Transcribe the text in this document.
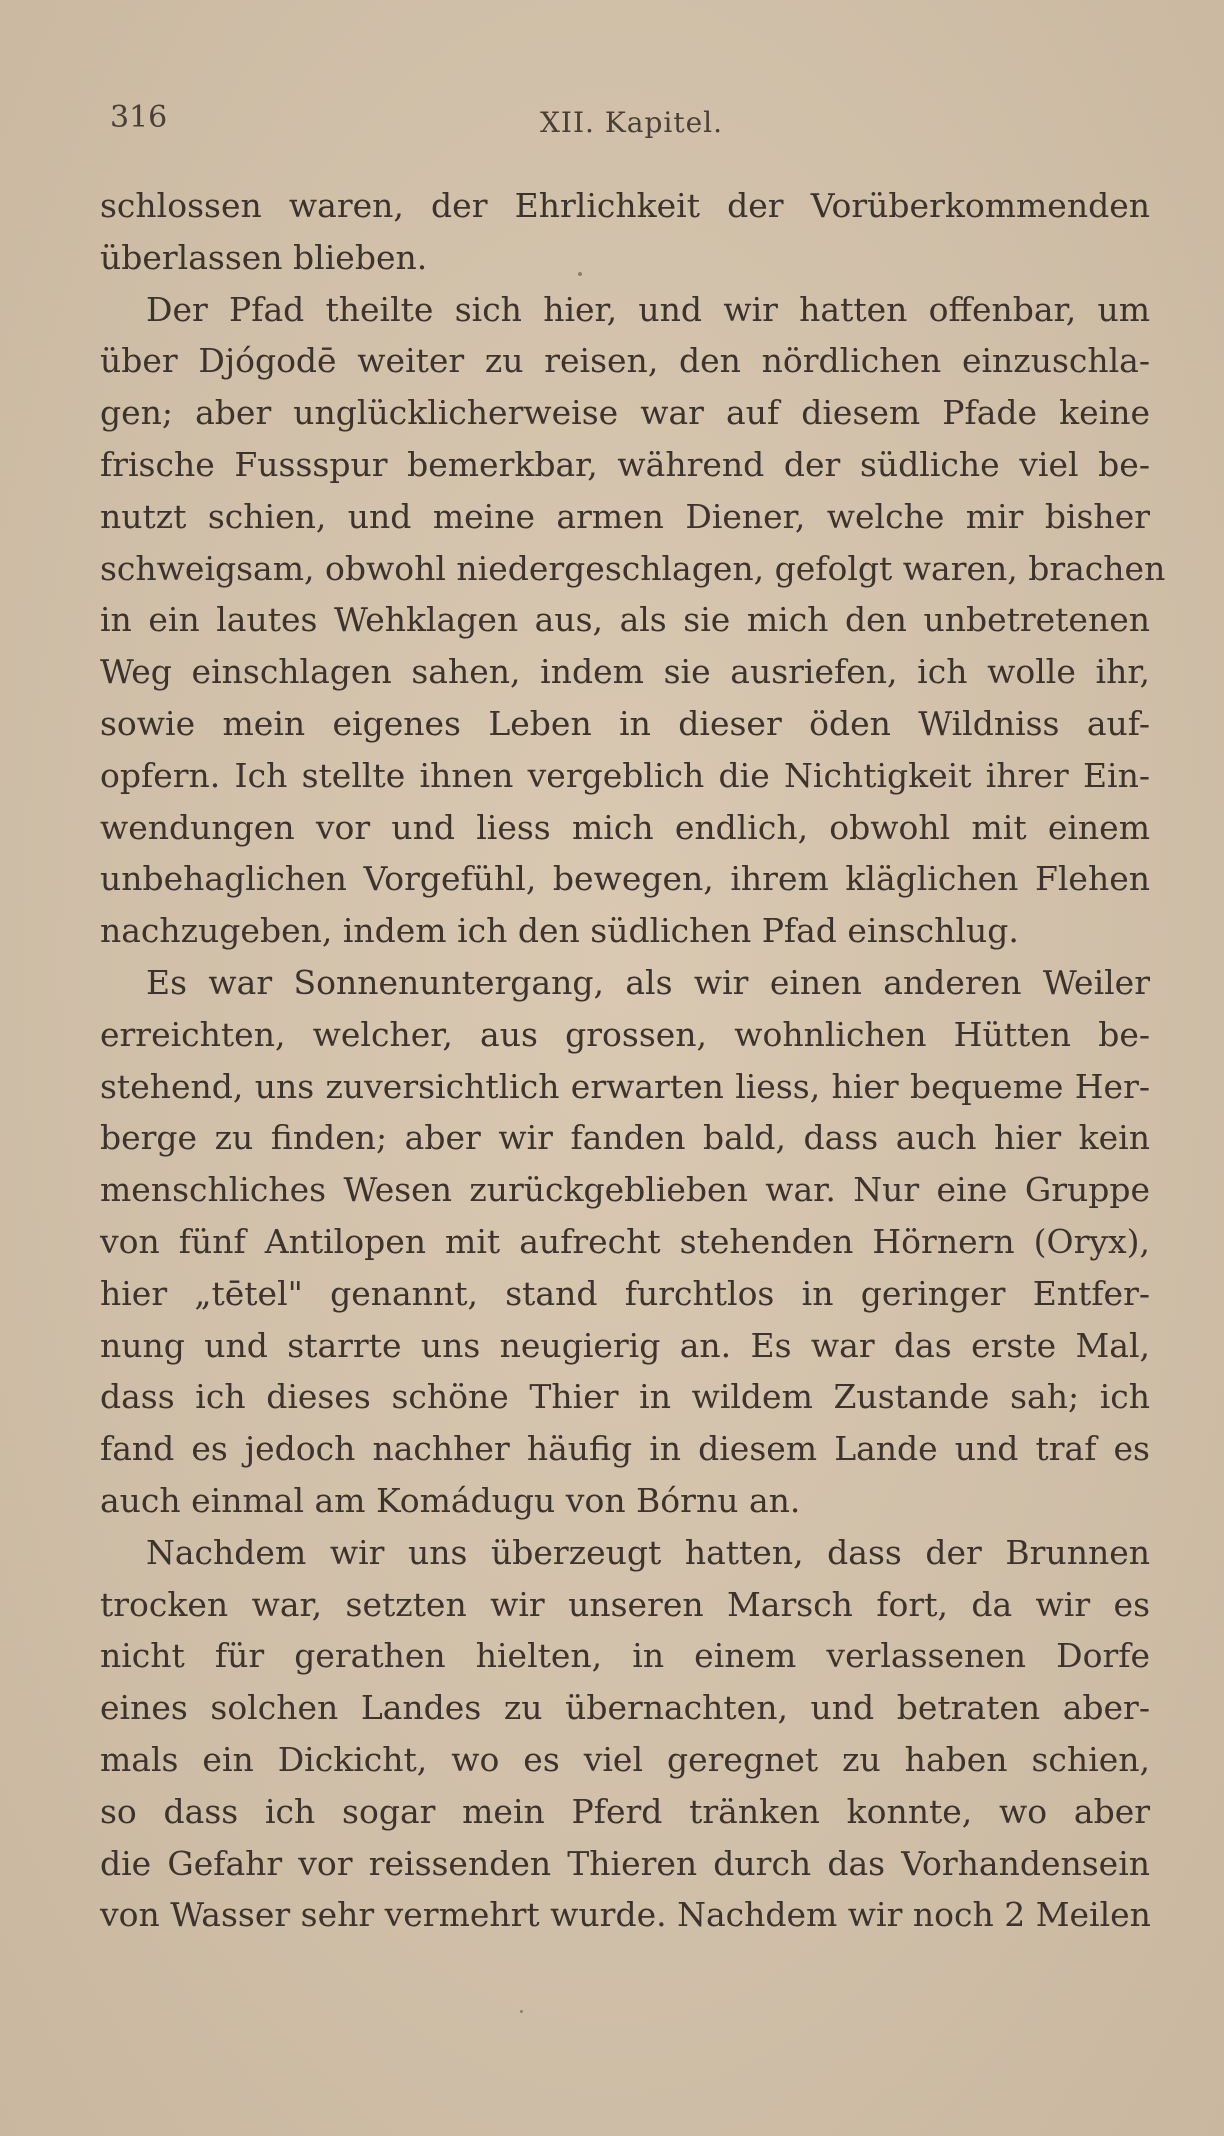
316	XII. Kapitel.
schlossen waren, der Ehrlichkeit der Vorüberkommenden
überlassen blieben.
Der Pfad theilte sich hier, und wir hatten offenbar, um
über Djógodē weiter zu reisen, den nördlichen einzuschla-
gen; aber unglücklicherweise war auf diesem Pfade keine
frische Fussspur bemerkbar, während der südliche viel be-
nutzt schien, und meine armen Diener, welche mir bisher
schweigsam, obwohl niedergeschlagen, gefolgt waren, brachen
in ein lautes Wehklagen aus, als sie mich den unbetretenen
Weg einschlagen sahen, indem sie ausriefen, ich wolle ihr,
sowie mein eigenes Leben in dieser öden Wildniss auf-
opfern. Ich stellte ihnen vergeblich die Nichtigkeit ihrer Ein-
wendungen vor und liess mich endlich, obwohl mit einem
unbehaglichen Vorgefühl, bewegen, ihrem kläglichen Flehen
nachzugeben, indem ich den südlichen Pfad einschlug.
Es war Sonnenuntergang, als wir einen anderen Weiler
erreichten, welcher, aus grossen, wohnlichen Hütten be-
stehend, uns zuversichtlich erwarten liess, hier bequeme Her-
berge zu finden; aber wir fanden bald, dass auch hier kein
menschliches Wesen zurückgeblieben war. Nur eine Gruppe
von fünf Antilopen mit aufrecht stehenden Hörnern (Oryx),
hier „tētel" genannt, stand furchtlos in geringer Entfer-
nung und starrte uns neugierig an. Es war das erste Mal,
dass ich dieses schöne Thier in wildem Zustande sah; ich
fand es jedoch nachher häufig in diesem Lande und traf es
auch einmal am Komádugu von Bórnu an.
Nachdem wir uns überzeugt hatten, dass der Brunnen
trocken war, setzten wir unseren Marsch fort, da wir es
nicht für gerathen hielten, in einem verlassenen Dorfe
eines solchen Landes zu übernachten, und betraten aber-
mals ein Dickicht, wo es viel geregnet zu haben schien,
so dass ich sogar mein Pferd tränken konnte, wo aber
die Gefahr vor reissenden Thieren durch das Vorhandensein
von Wasser sehr vermehrt wurde. Nachdem wir noch 2 Meilen
